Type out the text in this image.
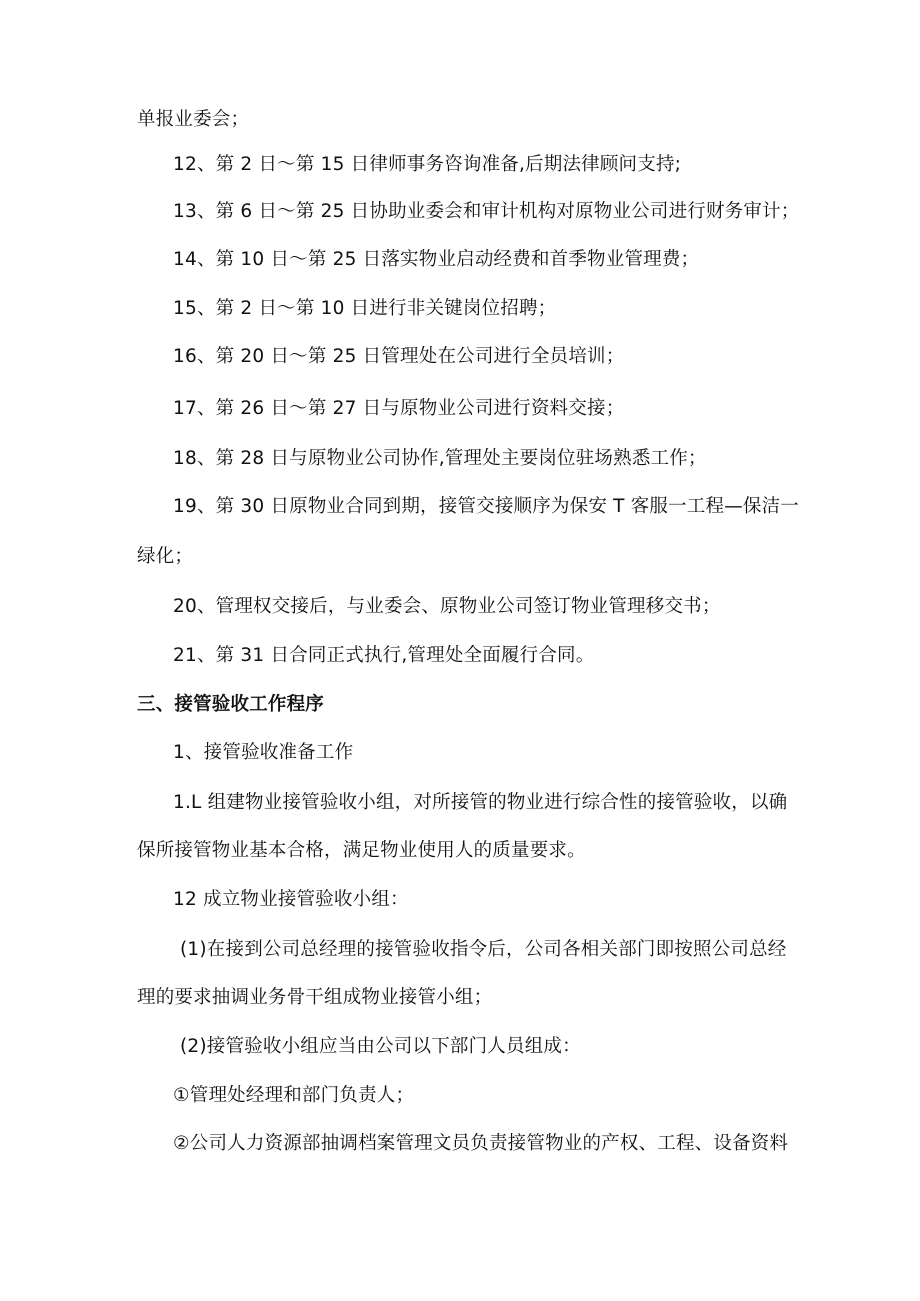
单报业委会；
12、第 2 日〜第 15 日律师事务咨询准备,后期法律顾问支持;
13、第 6 日〜第 25 日协助业委会和审计机构对原物业公司进行财务审计；
14、第 10 日〜第 25 日落实物业启动经费和首季物业管理费；
15、第 2 日〜第 10 日进行非关键岗位招聘；
16、第 20 日〜第 25 日管理处在公司进行全员培训；
17、第 26 日〜第 27 日与原物业公司进行资料交接；
18、第 28 日与原物业公司协作,管理处主要岗位驻场熟悉工作；
19、第 30 日原物业合同到期，接管交接顺序为保安 T 客服一工程—保洁一
绿化；
20、管理权交接后，与业委会、原物业公司签订物业管理移交书；
21、第 31 日合同正式执行,管理处全面履行合同。
三、接管验收工作程序
1、接管验收准备工作
1.L 组建物业接管验收小组，对所接管的物业进行综合性的接管验收，以确
保所接管物业基本合格，满足物业使用人的质量要求。
12 成立物业接管验收小组：
(1)在接到公司总经理的接管验收指令后，公司各相关部门即按照公司总经
理的要求抽调业务骨干组成物业接管小组；
(2)接管验收小组应当由公司以下部门人员组成：
①管理处经理和部门负责人；
②公司人力资源部抽调档案管理文员负责接管物业的产权、工程、设备资料
